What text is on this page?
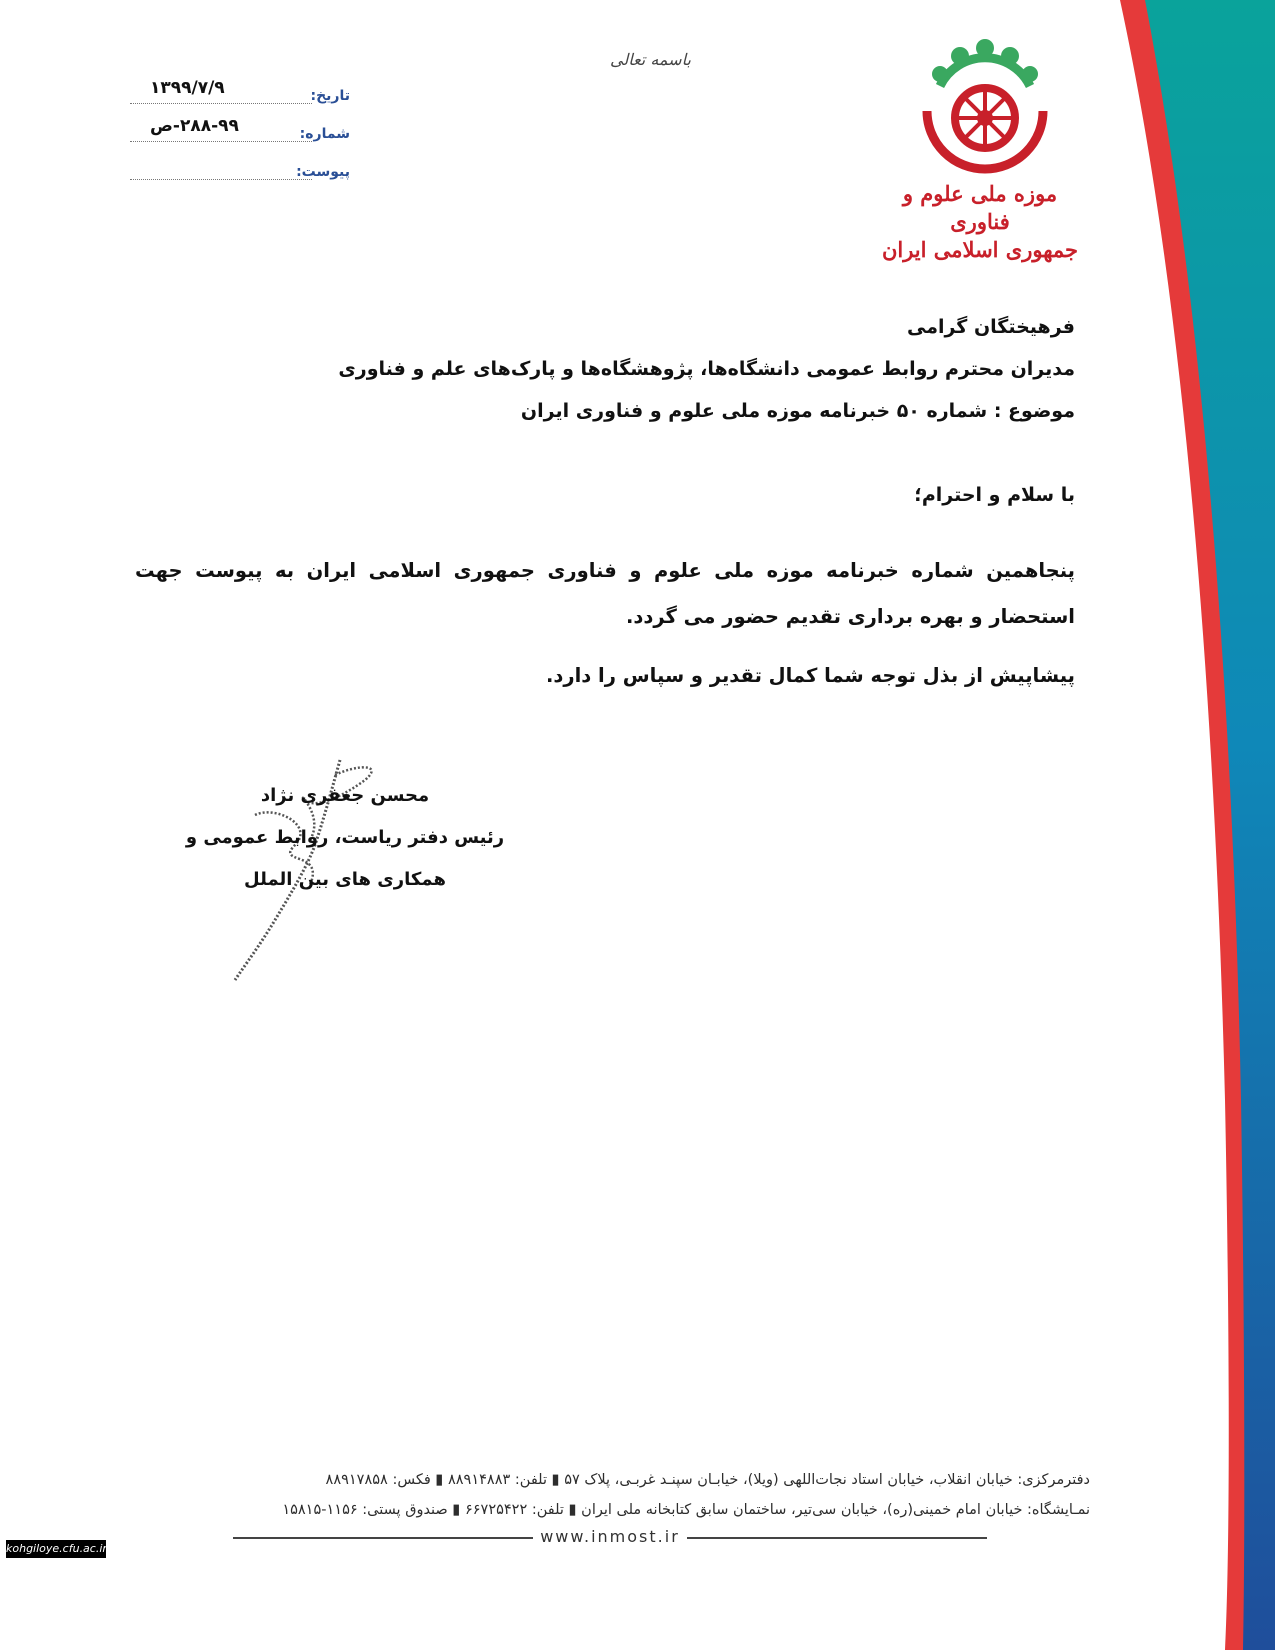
موزه ملی علوم و فناوری
جمهوری اسلامی ایران
باسمه تعالی
۱۳۹۹/۷/۹	تاریخ:
۲۸۸-۹۹-ص	شماره:
پیوست:
فرهیختگان گرامی
مدیران محترم روابط عمومی دانشگاه‌ها، پژوهشگاه‌ها و پارک‌های علم و فناوری
موضوع : شماره ۵۰ خبرنامه موزه ملی علوم و فناوری ایران
با سلام و احترام؛
پنجاهمین شماره خبرنامه موزه ملی علوم و فناوری جمهوری اسلامی ایران به پیوست جهت استحضار و بهره برداری تقدیم حضور می گردد.
پیشاپیش از بذل توجه شما کمال تقدیر و سپاس را دارد.
محسن جعفری نژاد
رئیس دفتر ریاست، روابط عمومی و
همکاری های بین الملل
دفترمرکزی: خیابان انقلاب، خیابان استاد نجات‌اللهی (ویلا)، خیابـان سپنـد غربـی، پلاک ۵۷ ▮ تلفن: ۸۸۹۱۴۸۸۳ ▮ فکس: ۸۸۹۱۷۸۵۸
نمـایشگاه: خیابان امام خمینی(ره)، خیابان سی‌تیر، ساختمان سابق کتابخانه ملی ایران ▮ تلفن: ۶۶۷۲۵۴۲۲ ▮ صندوق پستی: ۱۱۵۶-۱۵۸۱۵
www.inmost.ir
kohgiloye.cfu.ac.ir
